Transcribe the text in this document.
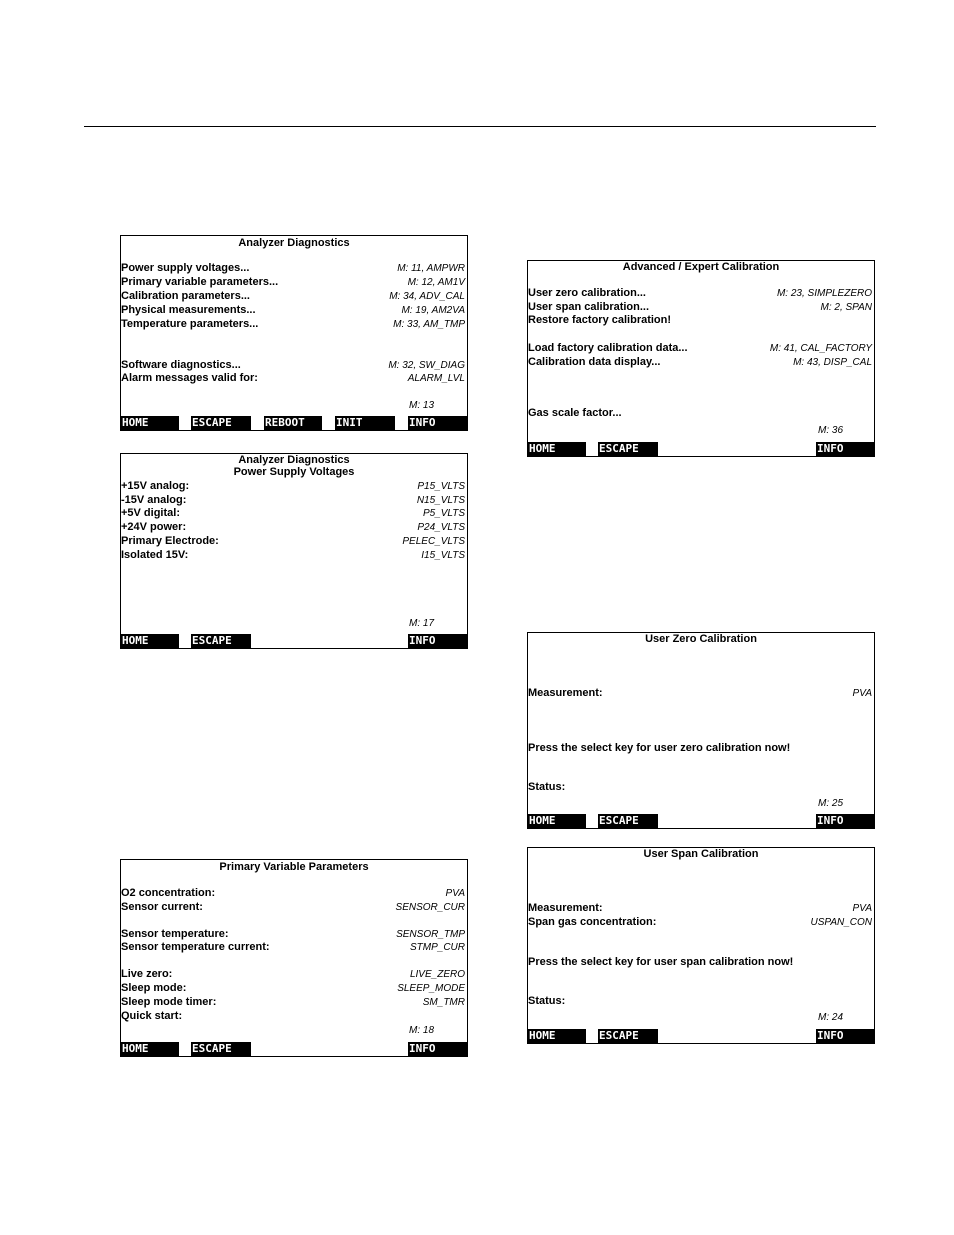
Analyzer Diagnostics
Power supply voltages...	M: 11, AMPWR
Primary variable parameters...	M: 12, AM1V
Calibration parameters...	M: 34, ADV_CAL
Physical measurements...	M: 19, AM2VA
Temperature parameters...	M: 33, AM_TMP
Software diagnostics...	M: 32, SW_DIAG
Alarm messages valid for:	ALARM_LVL
M: 13
HOME	ESCAPE	REBOOT	INIT	INFO
Analyzer Diagnostics
Power Supply Voltages
+15V analog:	P15_VLTS
-15V analog:	N15_VLTS
+5V digital:	P5_VLTS
+24V power:	P24_VLTS
Primary Electrode:	PELEC_VLTS
Isolated 15V:	I15_VLTS
M: 17
HOME	ESCAPE	INFO
Primary Variable Parameters
O2 concentration:	PVA
Sensor current:	SENSOR_CUR
Sensor temperature:	SENSOR_TMP
Sensor temperature current:	STMP_CUR
Live zero:	LIVE_ZERO
Sleep mode:	SLEEP_MODE
Sleep mode timer:	SM_TMR
Quick start:
M: 18
HOME	ESCAPE	INFO
Advanced / Expert Calibration
User zero calibration...	M: 23, SIMPLEZERO
User span calibration...	M: 2, SPAN
Restore factory calibration!
Load factory calibration data...	M: 41, CAL_FACTORY
Calibration data display...	M: 43, DISP_CAL
Gas scale factor...
M: 36
HOME	ESCAPE	INFO
User Zero Calibration
Measurement:	PVA
Press the select key for user zero calibration now!
Status:
M: 25
HOME	ESCAPE	INFO
User Span Calibration
Measurement:	PVA
Span gas concentration:	USPAN_CON
Press the select key for user span calibration now!
Status:
M: 24
HOME	ESCAPE	INFO
